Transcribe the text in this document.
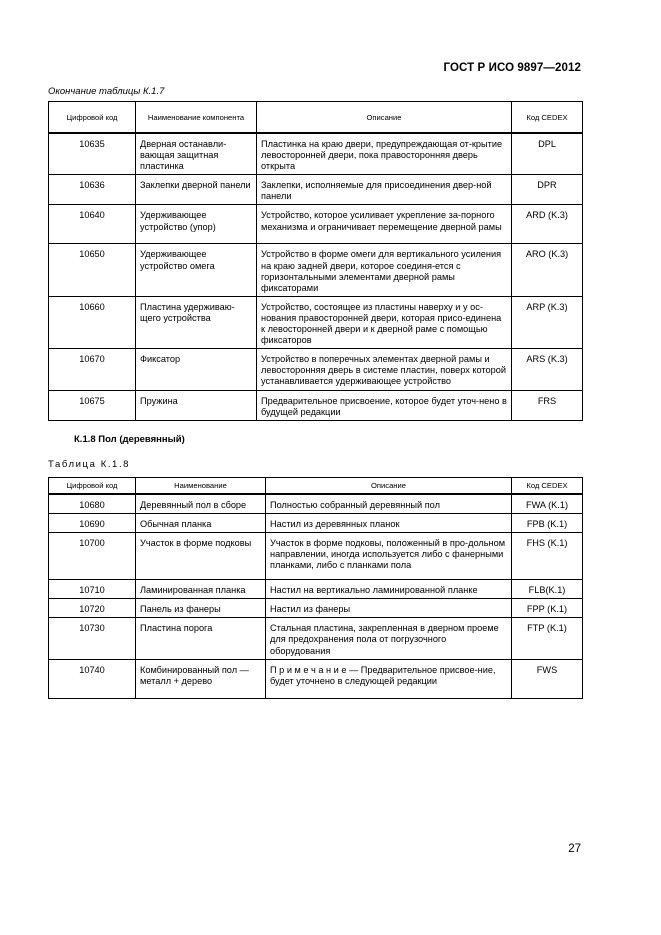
ГОСТ Р ИСО 9897—2012
Окончание таблицы К.1.7
Цифровой код	Наименование компонента	Описание	Код CEDEX
10635	Дверная останавли-вающая защитная пластинка	Пластинка на краю двери, предупреждающая от-крытие левосторонней двери, пока правосторонняя дверь открыта	DPL
10636	Заклепки дверной панели	Заклепки, исполняемые для присоединения двер-ной панели	DPR
10640	Удерживающее устройство (упор)	Устройство, которое усиливает укрепление за-порного механизма и ограничивает перемещение дверной рамы	ARD (K.3)
10650	Удерживающее устройство омега	Устройство в форме омеги для вертикального усиления на краю задней двери, которое соединя-ется с горизонтальными элементами дверной рамы фиксаторами	ARO (K.3)
10660	Пластина удерживаю-щего устройства	Устройство, состоящее из пластины наверху и у ос-нования правосторонней двери, которая присо-единена к левосторонней двери и к дверной раме с помощью фиксаторов	ARP (K.3)
10670	Фиксатор	Устройство в поперечных элементах дверной рамы и левосторонняя дверь в системе пластин, поверх которой устанавливается удерживающее устройство	ARS (K.3)
10675	Пружина	Предварительное присвоение, которое будет уточ-нено в будущей редакции	FRS
К.1.8 Пол (деревянный)
Таблица К.1.8
Цифровой код	Наименование	Описание	Код CEDEX
10680	Деревянный пол в сборе	Полностью собранный деревянный пол	FWA (K.1)
10690	Обычная планка	Настил из деревянных планок	FPB (K.1)
10700	Участок в форме подковы	Участок в форме подковы, положенный в про-дольном направлении, иногда используется либо с фанерными планками, либо с планками пола	FHS (K.1)
10710	Ламинированная планка	Настил на вертикально ламинированной планке	FLB(K.1)
10720	Панель из фанеры	Настил из фанеры	FPP (K.1)
10730	Пластина порога	Стальная пластина, закрепленная в дверном проеме для предохранения пола от погрузочного оборудования	FTP (K.1)
10740	Комбинированный пол — металл + дерево	П р и м е ч а н и е — Предварительное присвое-ние, будет уточнено в следующей редакции	FWS
27
